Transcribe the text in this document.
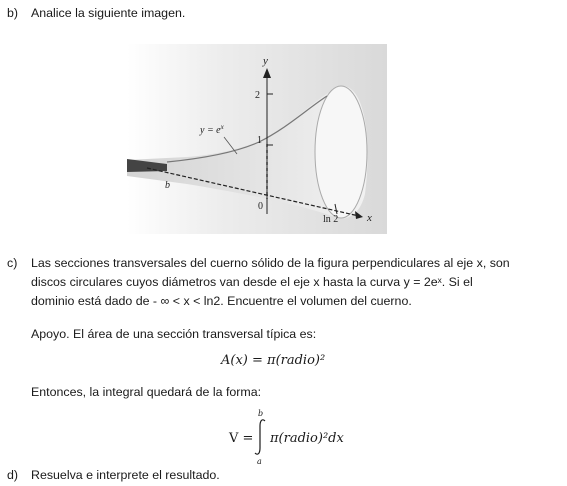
b) Analice la siguiente imagen.
y
2
1
0
$y = e^x$
b
ln 2	x
c) Las secciones transversales del cuerno sólido de la figura perpendiculares al eje x, son
discos circulares cuyos diámetros van desde el eje x hasta la curva y = 2eˣ. Si el
dominio está dado de - ∞ < x < ln2. Encuentre el volumen del cuerno.
Apoyo. El área de una sección transversal típica es:
A(x) = π(radio)²
Entonces, la integral quedará de la forma:
b
V = π(radio)²dx
a
d) Resuelva e interprete el resultado.
